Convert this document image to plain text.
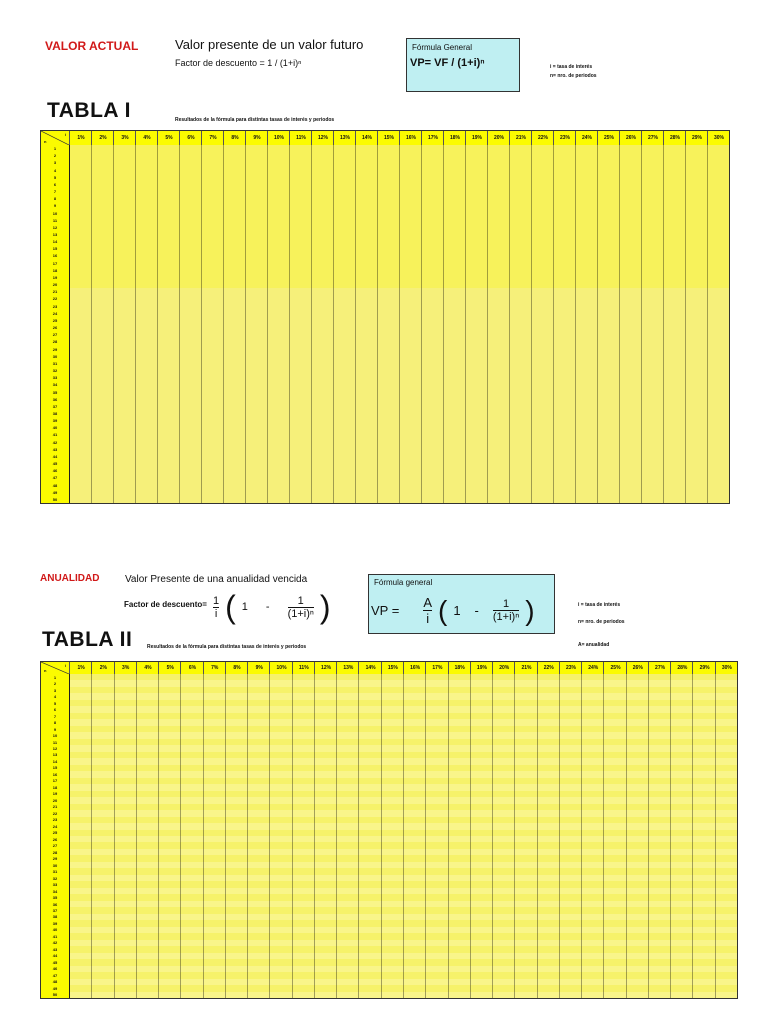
VALOR ACTUAL	Valor presente de un valor futuro
Factor de descuento = 1 / (1+i)ⁿ
Fórmula General
VP= VF / (1+i)ⁿ	i = tasa de interés
n= nro. de periodos
TABLA I	Resultados de la fórmula para distintas tasas de interés y periodos
i
n
1%	2%	3%	4%	5%	6%	7%	8%	9%	10%	11%	12%	13%	14%	15%	16%	17%	18%	19%	20%	21%	22%	23%	24%	25%	26%	27%	28%	29%	30%
1
2
3
4
5
6
7
8
9
10
11
12
13
14
15
16
17
18
19
20
21
22
23
24
25
26
27
28
29
30
31
32
33
34
35
36
37
38
39
40
41
42
43
44
45
46
47
48
49
50
ANUALIDAD	Valor Presente de una anualidad vencida
Factor de descuento= 1
i ( 1 -
1
(1+i)ⁿ )
Fórmula general
VP =
A
i ( 1 - 1
(1+i)ⁿ )	i = tasa de interés
n= nro. de periodos
A= anualidad
TABLA II	Resultados de la fórmula para distintas tasas de interés y periodos
i
n	1%	2%	3%	4%	5%	6%	7%	8%	9%	10%	11%	12%	13%	14%	15%	16%	17%	18%	19%	20%	21%	22%	23%	24%	25%	26%	27%	28%	29%	30%
1
2
3
4
5
6
7
8
9
10
11
12
13
14
15
16
17
18
19
20
21
22
23
24
25
26
27
28
29
30
31
32
33
34
35
36
37
38
39
40
41
42
43
44
45
46
47
48
49
50
